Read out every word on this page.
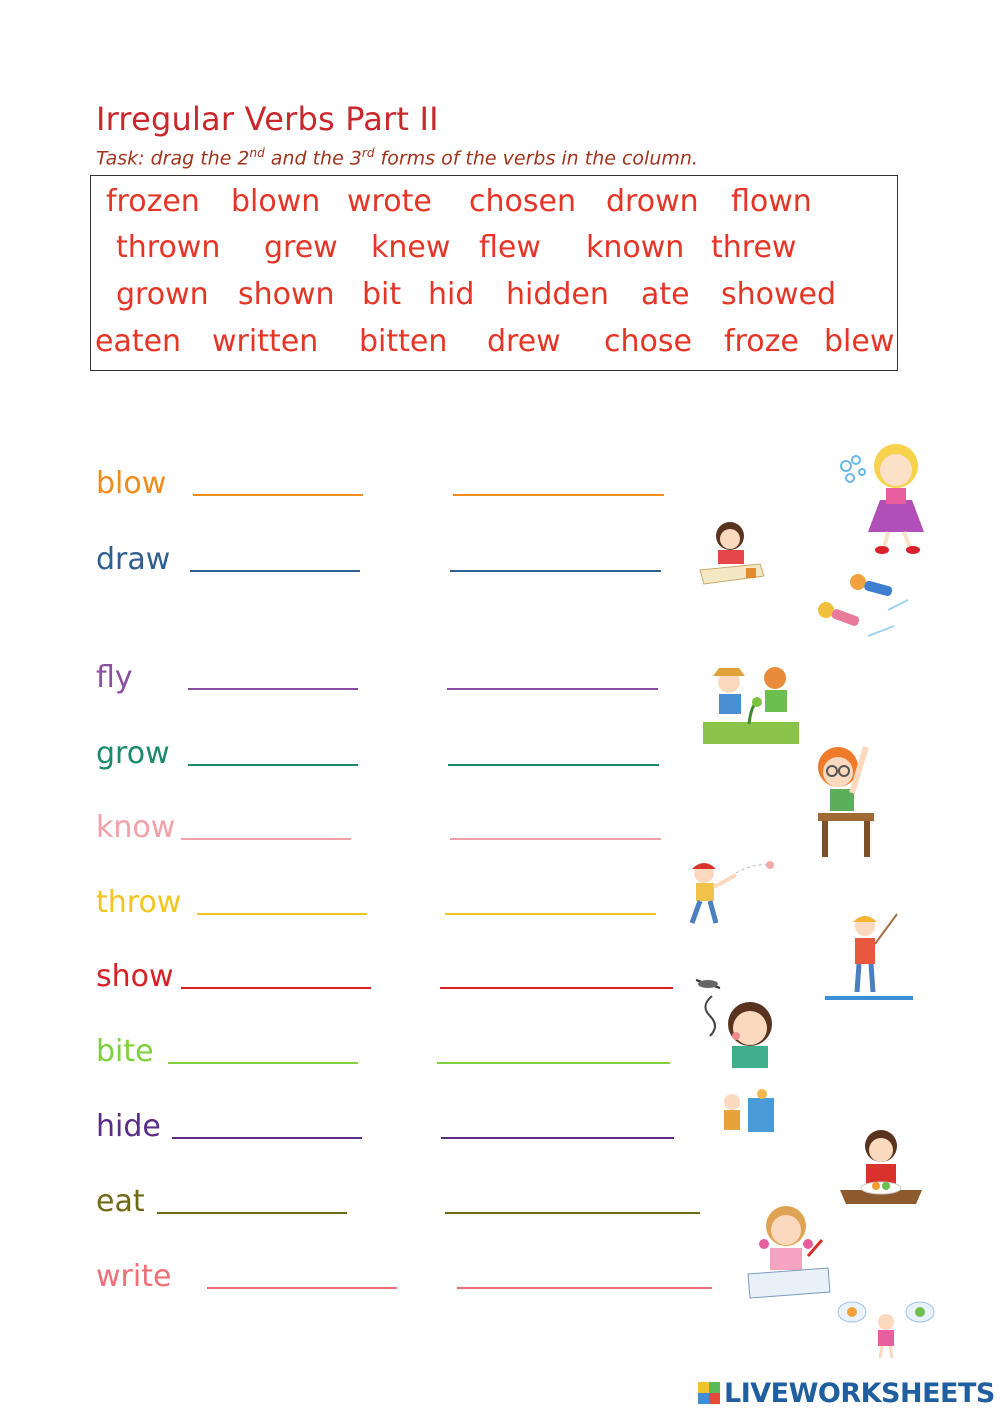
Irregular Verbs Part II
Task: drag the 2nd and the 3rd forms of the verbs in the column.
frozen blown wrote chosen drown flown
thrown grew knew flew known threw
grown shown bit hid hidden ate showed
eaten written bitten drew chose froze blew
blow
draw
fly
grow
know
throw
show
bite
hide
eat
write
LIVEWORKSHEETS
